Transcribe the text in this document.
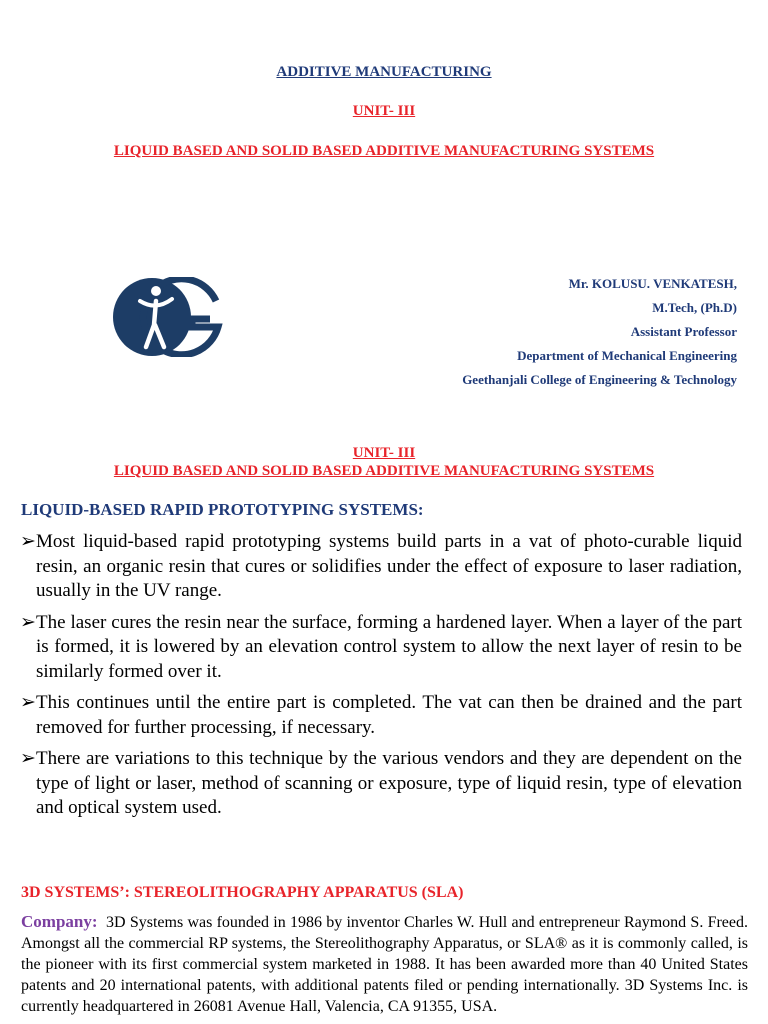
ADDITIVE MANUFACTURING
UNIT- III
LIQUID BASED AND SOLID BASED ADDITIVE MANUFACTURING SYSTEMS
Mr. KOLUSU. VENKATESH,
M.Tech, (Ph.D)
Assistant Professor
Department of Mechanical Engineering
Geethanjali College of Engineering & Technology
UNIT- III
LIQUID BASED AND SOLID BASED ADDITIVE MANUFACTURING SYSTEMS
LIQUID-BASED RAPID PROTOTYPING SYSTEMS:
➢ Most liquid-based rapid prototyping systems build parts in a vat of photo-curable liquid resin, an organic resin that cures or solidifies under the effect of exposure to laser radiation, usually in the UV range.
➢ The laser cures the resin near the surface, forming a hardened layer. When a layer of the part is formed, it is lowered by an elevation control system to allow the next layer of resin to be similarly formed over it.
➢ This continues until the entire part is completed. The vat can then be drained and the part removed for further processing, if necessary.
➢ There are variations to this technique by the various vendors and they are dependent on the type of light or laser, method of scanning or exposure, type of liquid resin, type of elevation and optical system used.
3D SYSTEMS’: STEREOLITHOGRAPHY APPARATUS (SLA)
Company: 3D Systems was founded in 1986 by inventor Charles W. Hull and entrepreneur Raymond S. Freed. Amongst all the commercial RP systems, the Stereolithography Apparatus, or SLA® as it is commonly called, is the pioneer with its first commercial system marketed in 1988. It has been awarded more than 40 United States patents and 20 international patents, with additional patents filed or pending internationally. 3D Systems Inc. is currently headquartered in 26081 Avenue Hall, Valencia, CA 91355, USA.
